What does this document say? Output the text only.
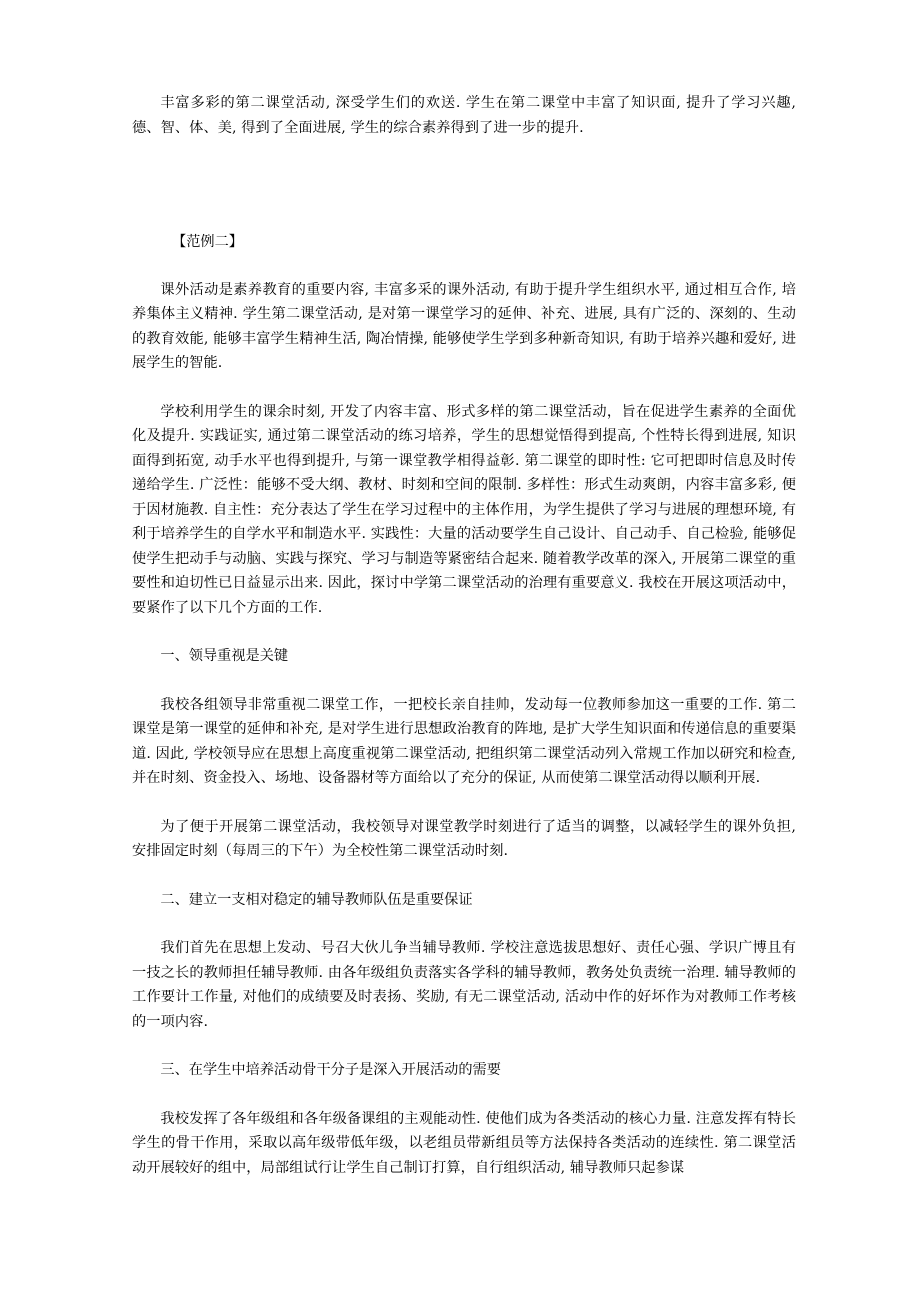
丰富多彩的第二课堂活动, 深受学生们的欢送. 学生在第二课堂中丰富了知识面, 提升了学习兴趣, 德、智、体、美, 得到了全面进展, 学生的综合素养得到了进一步的提升.

【范例二】

课外活动是素养教育的重要内容, 丰富多采的课外活动, 有助于提升学生组织水平, 通过相互合作, 培养集体主义精神. 学生第二课堂活动, 是对第一课堂学习的延伸、补充、进展, 具有广泛的、深刻的、生动的教育效能, 能够丰富学生精神生活, 陶冶情操, 能够使学生学到多种新奇知识, 有助于培养兴趣和爱好, 进展学生的智能.

学校利用学生的课余时刻, 开发了内容丰富、形式多样的第二课堂活动，旨在促进学生素养的全面优化及提升. 实践证实, 通过第二课堂活动的练习培养，学生的思想觉悟得到提高, 个性特长得到进展, 知识面得到拓宽, 动手水平也得到提升, 与第一课堂教学相得益彰. 第二课堂的即时性: 它可把即时信息及时传递给学生. 广泛性：能够不受大纲、教材、时刻和空间的限制. 多样性：形式生动爽朗，内容丰富多彩, 便于因材施教. 自主性：充分表达了学生在学习过程中的主体作用，为学生提供了学习与进展的理想环境, 有利于培养学生的自学水平和制造水平. 实践性：大量的活动要学生自己设计、自己动手、自己检验, 能够促使学生把动手与动脑、实践与探究、学习与制造等紧密结合起来. 随着教学改革的深入, 开展第二课堂的重要性和迫切性已日益显示出来. 因此，探讨中学第二课堂活动的治理有重要意义. 我校在开展这项活动中，要紧作了以下几个方面的工作.

一、领导重视是关键

我校各组领导非常重视二课堂工作，一把校长亲自挂帅，发动每一位教师参加这一重要的工作. 第二课堂是第一课堂的延伸和补充, 是对学生进行思想政治教育的阵地, 是扩大学生知识面和传递信息的重要渠道. 因此, 学校领导应在思想上高度重视第二课堂活动, 把组织第二课堂活动列入常规工作加以研究和检查, 并在时刻、资金投入、场地、设备器材等方面给以了充分的保证, 从而使第二课堂活动得以顺利开展.

为了便于开展第二课堂活动，我校领导对课堂教学时刻进行了适当的调整，以减轻学生的课外负担, 安排固定时刻（每周三的下午）为全校性第二课堂活动时刻.

二、建立一支相对稳定的辅导教师队伍是重要保证

我们首先在思想上发动、号召大伙儿争当辅导教师. 学校注意选拔思想好、责任心强、学识广博且有一技之长的教师担任辅导教师. 由各年级组负责落实各学科的辅导教师，教务处负责统一治理. 辅导教师的工作要计工作量, 对他们的成绩要及时表扬、奖励, 有无二课堂活动, 活动中作的好坏作为对教师工作考核的一项内容.

三、在学生中培养活动骨干分子是深入开展活动的需要

我校发挥了各年级组和各年级备课组的主观能动性. 使他们成为各类活动的核心力量. 注意发挥有特长学生的骨干作用，采取以高年级带低年级，以老组员带新组员等方法保持各类活动的连续性. 第二课堂活动开展较好的组中，局部组试行让学生自己制订打算，自行组织活动, 辅导教师只起参谋
